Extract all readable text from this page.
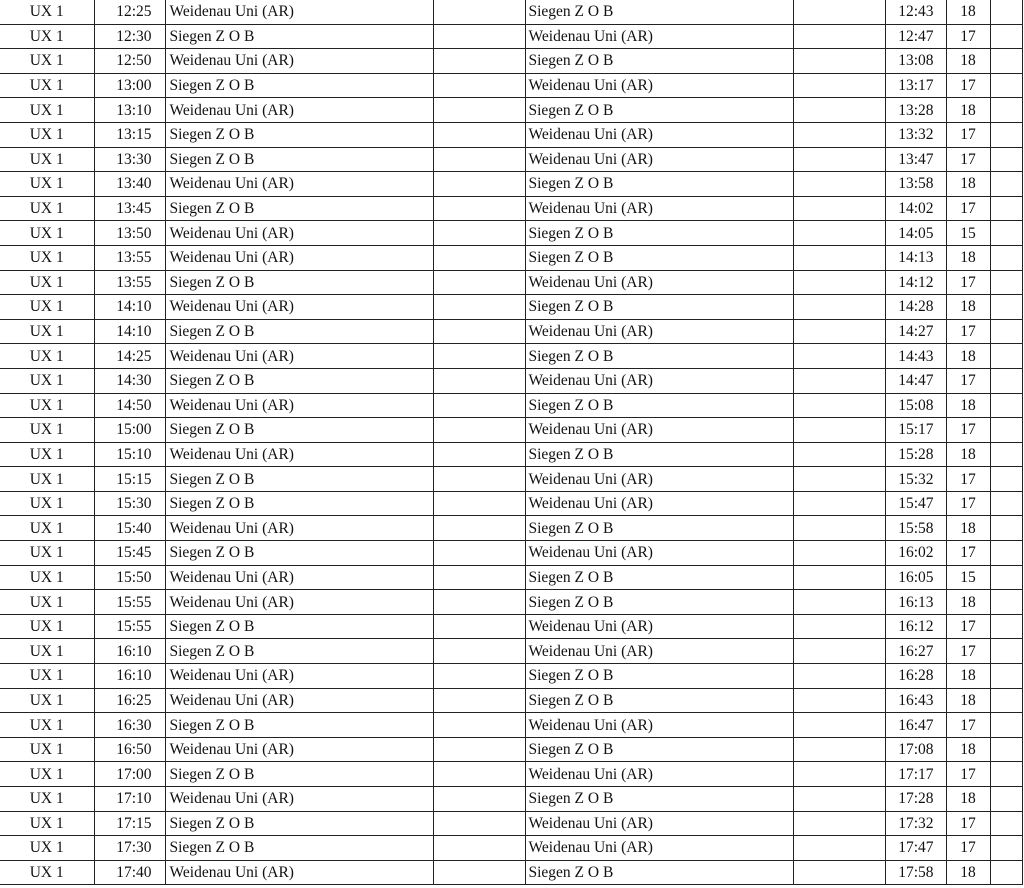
UX 1	12:25	Weidenau Uni (AR)		Siegen Z O B		12:43	18	
UX 1	12:30	Siegen Z O B		Weidenau Uni (AR)		12:47	17	
UX 1	12:50	Weidenau Uni (AR)		Siegen Z O B		13:08	18	
UX 1	13:00	Siegen Z O B		Weidenau Uni (AR)		13:17	17	
UX 1	13:10	Weidenau Uni (AR)		Siegen Z O B		13:28	18	
UX 1	13:15	Siegen Z O B		Weidenau Uni (AR)		13:32	17	
UX 1	13:30	Siegen Z O B		Weidenau Uni (AR)		13:47	17	
UX 1	13:40	Weidenau Uni (AR)		Siegen Z O B		13:58	18	
UX 1	13:45	Siegen Z O B		Weidenau Uni (AR)		14:02	17	
UX 1	13:50	Weidenau Uni (AR)		Siegen Z O B		14:05	15	
UX 1	13:55	Weidenau Uni (AR)		Siegen Z O B		14:13	18	
UX 1	13:55	Siegen Z O B		Weidenau Uni (AR)		14:12	17	
UX 1	14:10	Weidenau Uni (AR)		Siegen Z O B		14:28	18	
UX 1	14:10	Siegen Z O B		Weidenau Uni (AR)		14:27	17	
UX 1	14:25	Weidenau Uni (AR)		Siegen Z O B		14:43	18	
UX 1	14:30	Siegen Z O B		Weidenau Uni (AR)		14:47	17	
UX 1	14:50	Weidenau Uni (AR)		Siegen Z O B		15:08	18	
UX 1	15:00	Siegen Z O B		Weidenau Uni (AR)		15:17	17	
UX 1	15:10	Weidenau Uni (AR)		Siegen Z O B		15:28	18	
UX 1	15:15	Siegen Z O B		Weidenau Uni (AR)		15:32	17	
UX 1	15:30	Siegen Z O B		Weidenau Uni (AR)		15:47	17	
UX 1	15:40	Weidenau Uni (AR)		Siegen Z O B		15:58	18	
UX 1	15:45	Siegen Z O B		Weidenau Uni (AR)		16:02	17	
UX 1	15:50	Weidenau Uni (AR)		Siegen Z O B		16:05	15	
UX 1	15:55	Weidenau Uni (AR)		Siegen Z O B		16:13	18	
UX 1	15:55	Siegen Z O B		Weidenau Uni (AR)		16:12	17	
UX 1	16:10	Siegen Z O B		Weidenau Uni (AR)		16:27	17	
UX 1	16:10	Weidenau Uni (AR)		Siegen Z O B		16:28	18	
UX 1	16:25	Weidenau Uni (AR)		Siegen Z O B		16:43	18	
UX 1	16:30	Siegen Z O B		Weidenau Uni (AR)		16:47	17	
UX 1	16:50	Weidenau Uni (AR)		Siegen Z O B		17:08	18	
UX 1	17:00	Siegen Z O B		Weidenau Uni (AR)		17:17	17	
UX 1	17:10	Weidenau Uni (AR)		Siegen Z O B		17:28	18	
UX 1	17:15	Siegen Z O B		Weidenau Uni (AR)		17:32	17	
UX 1	17:30	Siegen Z O B		Weidenau Uni (AR)		17:47	17	
UX 1	17:40	Weidenau Uni (AR)		Siegen Z O B		17:58	18	
